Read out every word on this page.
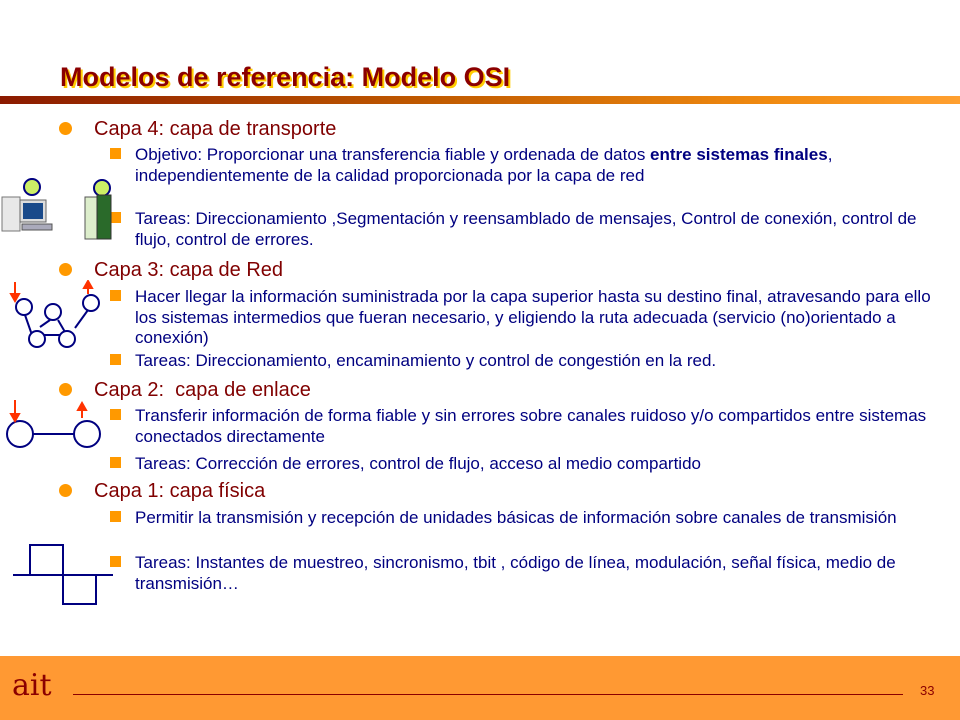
Modelos de referencia: Modelo OSI
Capa 4: capa de transporte
Objetivo: Proporcionar una transferencia fiable y ordenada de datos entre sistemas finales, independientemente de la calidad proporcionada por la capa de red
Tareas: Direccionamiento ,Segmentación y reensamblado de mensajes, Control de conexión, control de flujo, control de errores.
Capa 3: capa de Red
Hacer llegar la información suministrada por la capa superior hasta su destino final, atravesando para ello los sistemas intermedios que fueran necesario, y eligiendo la ruta adecuada (servicio (no)orientado a conexión)
Tareas: Direccionamiento, encaminamiento y control de congestión en la red.
Capa 2:  capa de enlace
Transferir información de forma fiable y sin errores sobre canales ruidoso y/o compartidos entre sistemas conectados directamente
Tareas: Corrección de errores, control de flujo, acceso al medio compartido
Capa 1: capa física
Permitir la transmisión y recepción de unidades básicas de información sobre canales de transmisión
Tareas: Instantes de muestreo, sincronismo, tbit , código de línea, modulación, señal física, medio de transmisión…
ait	33
